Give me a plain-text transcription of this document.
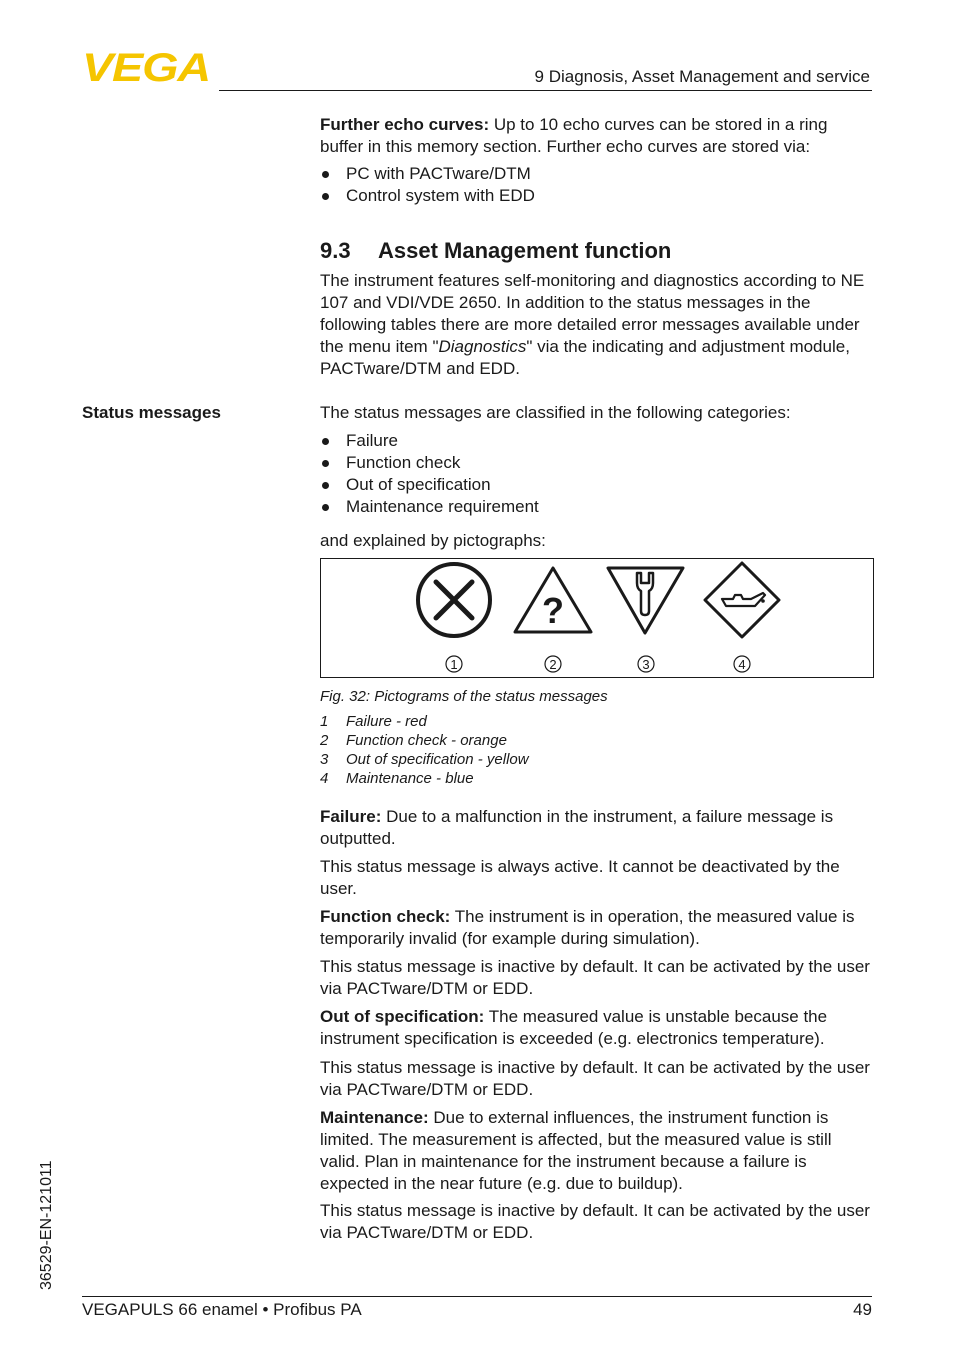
VEGA	9 Diagnosis, Asset Management and service

Further echo curves: Up to 10 echo curves can be stored in a ring buffer in this memory section. Further echo curves are stored via:

PC with PACTware/DTM
Control system with EDD
9.3 Asset Management function

The instrument features self-monitoring and diagnostics according to NE 107 and VDI/VDE 2650. In addition to the status messages in the following tables there are more detailed error messages available under the menu item "Diagnostics" via the indicating and adjustment module, PACTware/DTM and EDD.

Status messages	The status messages are classified in the following categories:

Failure
Function check
Out of specification
Maintenance requirement

and explained by pictographs:

?
1	2	3	4
Fig. 32: Pictograms of the status messages
1 Failure - red
2 Function check - orange
3 Out of specification - yellow
4 Maintenance - blue

Failure: Due to a malfunction in the instrument, a failure message is outputted.

This status message is always active. It cannot be deactivated by the user.

Function check: The instrument is in operation, the measured value is temporarily invalid (for example during simulation).

This status message is inactive by default. It can be activated by the user via PACTware/DTM or EDD.

Out of specification: The measured value is unstable because the instrument specification is exceeded (e.g. electronics temperature).

This status message is inactive by default. It can be activated by the user via PACTware/DTM or EDD.

Maintenance: Due to external influences, the instrument function is limited. The measurement is affected, but the measured value is still valid. Plan in maintenance for the instrument because a failure is expected in the near future (e.g. due to buildup).

This status message is inactive by default. It can be activated by the user via PACTware/DTM or EDD.

36529-EN-121011
VEGAPULS 66 enamel • Profibus PA	49
